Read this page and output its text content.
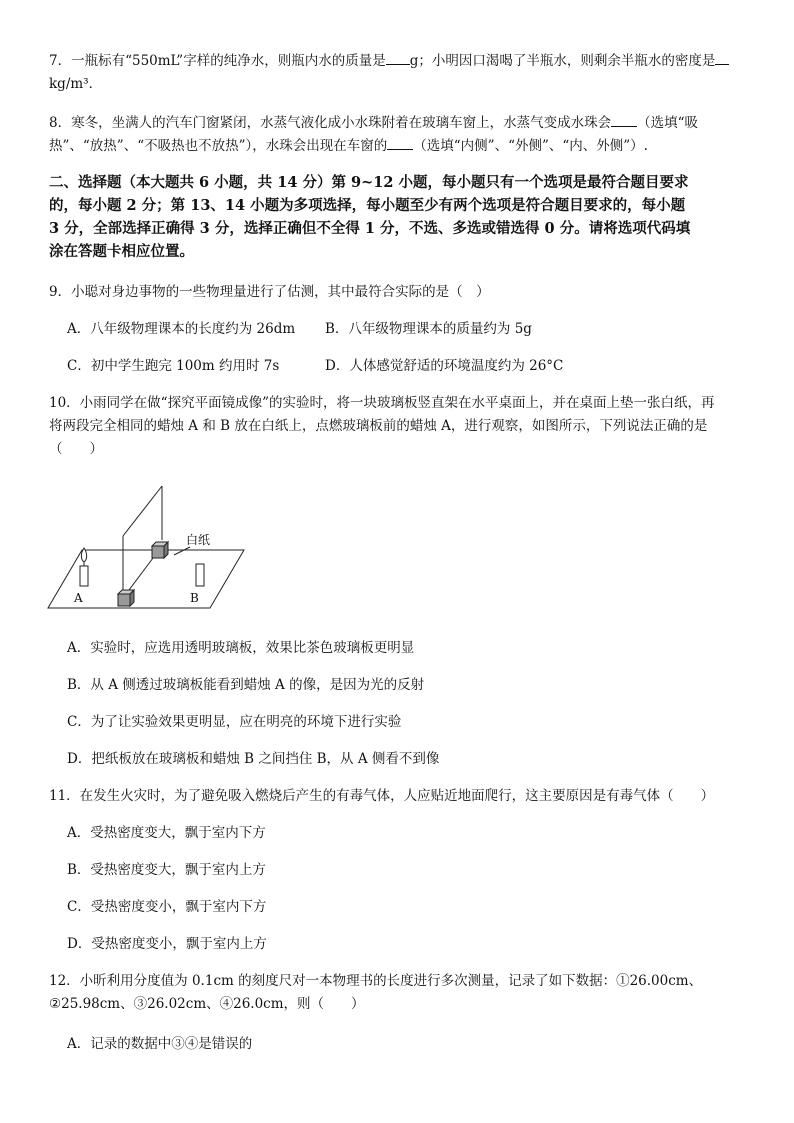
7．一瓶标有“550mL”字样的纯净水，则瓶内水的质量是 g；小明因口渴喝了半瓶水，则剩余半瓶水的密度是
kg/m³．
8．寒冬，坐满人的汽车门窗紧闭，水蒸气液化成小水珠附着在玻璃车窗上，水蒸气变成水珠会 （选填“吸
热”、“放热”、“不吸热也不放热”），水珠会出现在车窗的 （选填“内侧”、“外侧”、“内、外侧”）.
二、选择题（本大题共 6 小题，共 14 分）第 9~12 小题，每小题只有一个选项是最符合题目要求
的，每小题 2 分；第 13、14 小题为多项选择，每小题至少有两个选项是符合题目要求的，每小题
3 分，全部选择正确得 3 分，选择正确但不全得 1 分，不选、多选或错选得 0 分。请将选项代码填
涂在答题卡相应位置。
9．小聪对身边事物的一些物理量进行了估测，其中最符合实际的是（　）
A．八年级物理课本的长度约为 26dm B．八年级物理课本的质量约为 5g
C．初中学生跑完 100m 约用时 7s	D．人体感觉舒适的环境温度约为 26°C
10．小雨同学在做“探究平面镜成像”的实验时，将一块玻璃板竖直架在水平桌面上，并在桌面上垫一张白纸，再
将两段完全相同的蜡烛 A 和 B 放在白纸上，点燃玻璃板前的蜡烛 A，进行观察，如图所示，下列说法正确的是
（　　）
白纸
A	B
A．实验时，应选用透明玻璃板，效果比茶色玻璃板更明显
B．从 A 侧透过玻璃板能看到蜡烛 A 的像，是因为光的反射
C．为了让实验效果更明显，应在明亮的环境下进行实验
D．把纸板放在玻璃板和蜡烛 B 之间挡住 B，从 A 侧看不到像
11．在发生火灾时，为了避免吸入燃烧后产生的有毒气体，人应贴近地面爬行，这主要原因是有毒气体（　　）
A．受热密度变大，飘于室内下方
B．受热密度变大，飘于室内上方
C．受热密度变小，飘于室内下方
D．受热密度变小，飘于室内上方
12．小昕利用分度值为 0.1cm 的刻度尺对一本物理书的长度进行多次测量，记录了如下数据：①26.00cm、
②25.98cm、③26.02cm、④26.0cm，则（　　）
A．记录的数据中③④是错误的
